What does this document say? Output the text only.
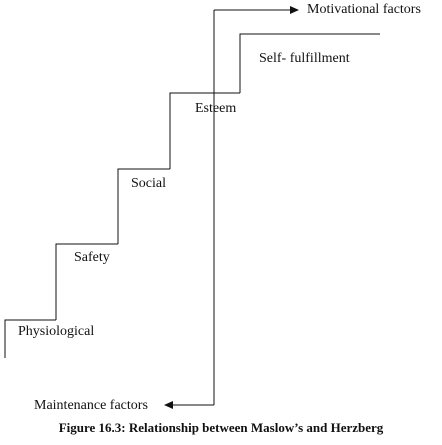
Motivational factors
Self- fulfillment
Esteem
Social
Safety
Physiological
Maintenance factors
Figure 16.3: Relationship between Maslow’s and Herzberg
